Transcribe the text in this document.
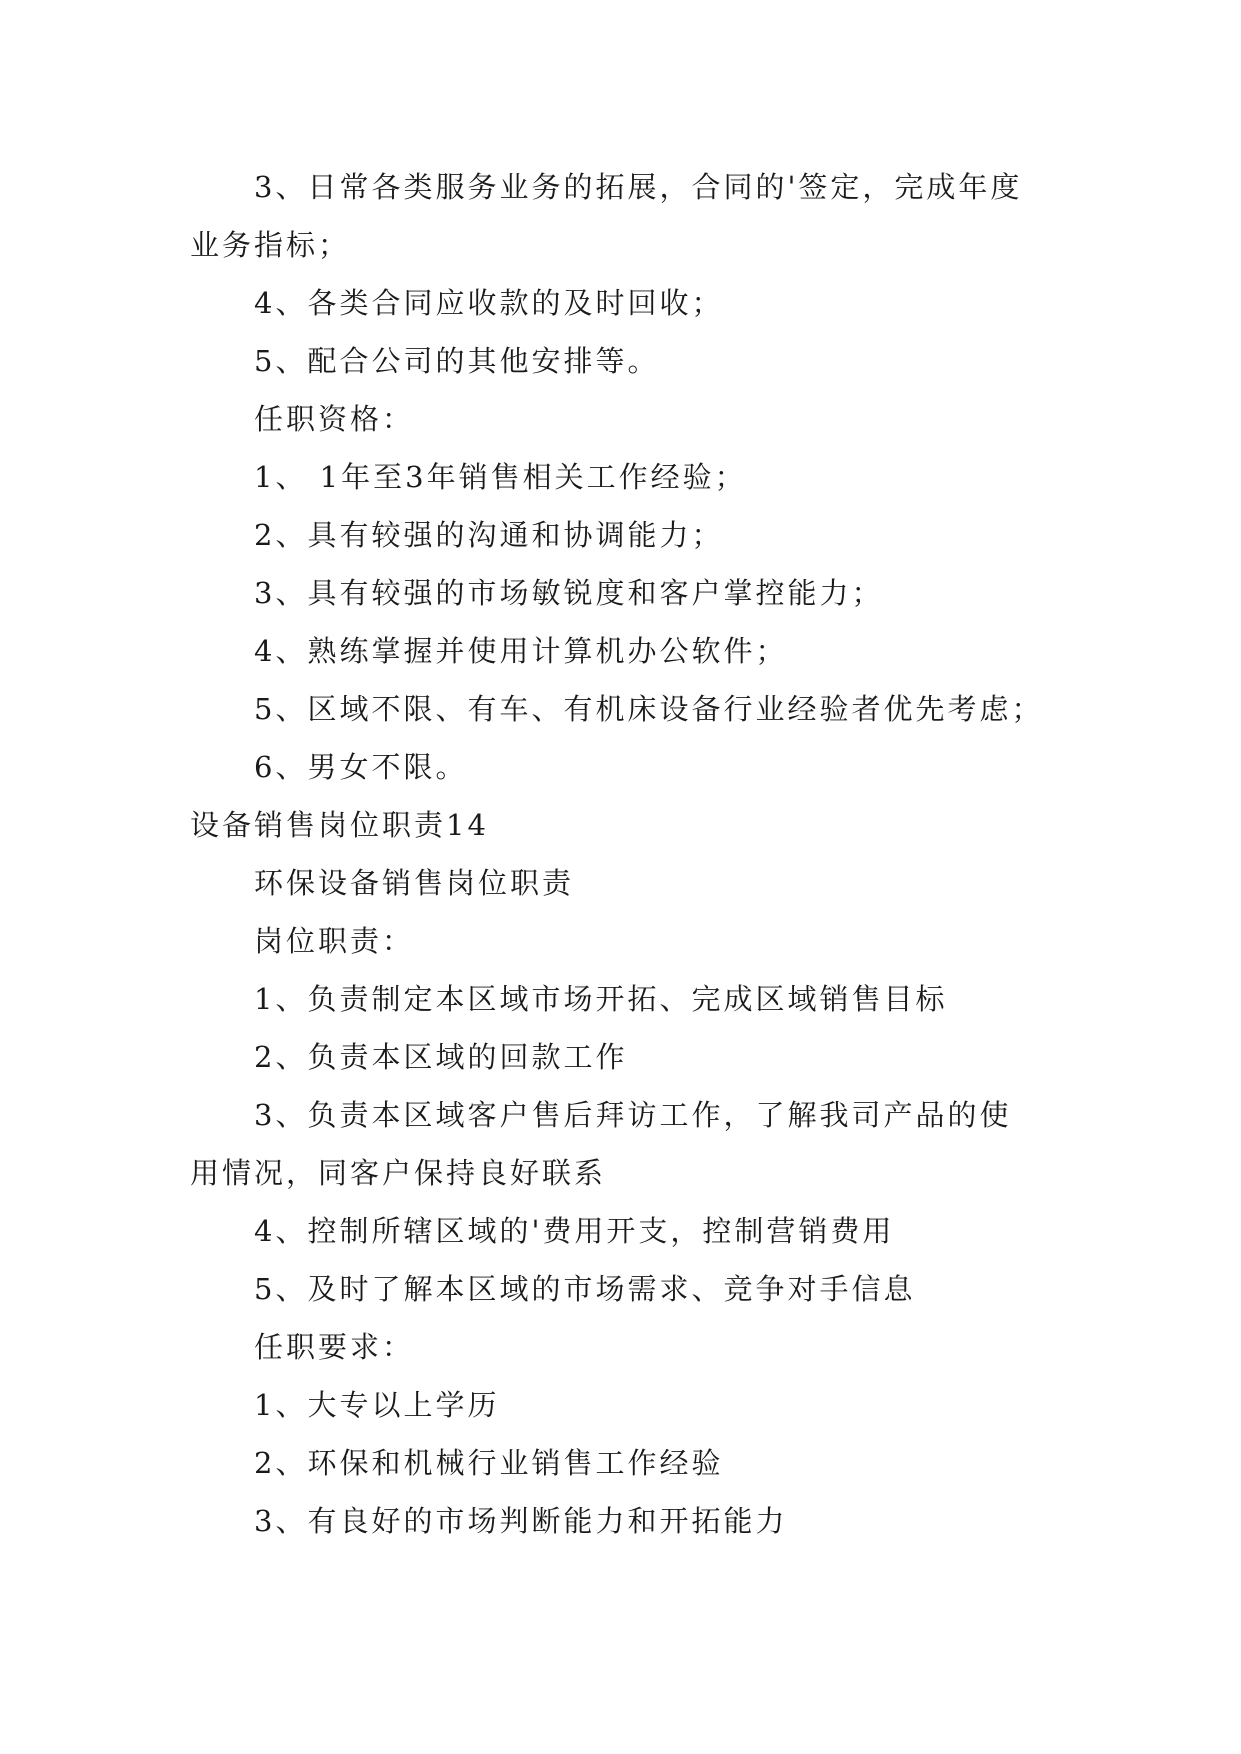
3、日常各类服务业务的拓展，合同的'签定，完成年度
业务指标；
4、各类合同应收款的及时回收；
5、配合公司的其他安排等。
任职资格：
1、 1年至3年销售相关工作经验；
2、具有较强的沟通和协调能力；
3、具有较强的市场敏锐度和客户掌控能力；
4、熟练掌握并使用计算机办公软件；
5、区域不限、有车、有机床设备行业经验者优先考虑；
6、男女不限。
设备销售岗位职责14
环保设备销售岗位职责
岗位职责：
1、负责制定本区域市场开拓、完成区域销售目标
2、负责本区域的回款工作
3、负责本区域客户售后拜访工作，了解我司产品的使
用情况，同客户保持良好联系
4、控制所辖区域的'费用开支，控制营销费用
5、及时了解本区域的市场需求、竞争对手信息
任职要求：
1、大专以上学历
2、环保和机械行业销售工作经验
3、有良好的市场判断能力和开拓能力
